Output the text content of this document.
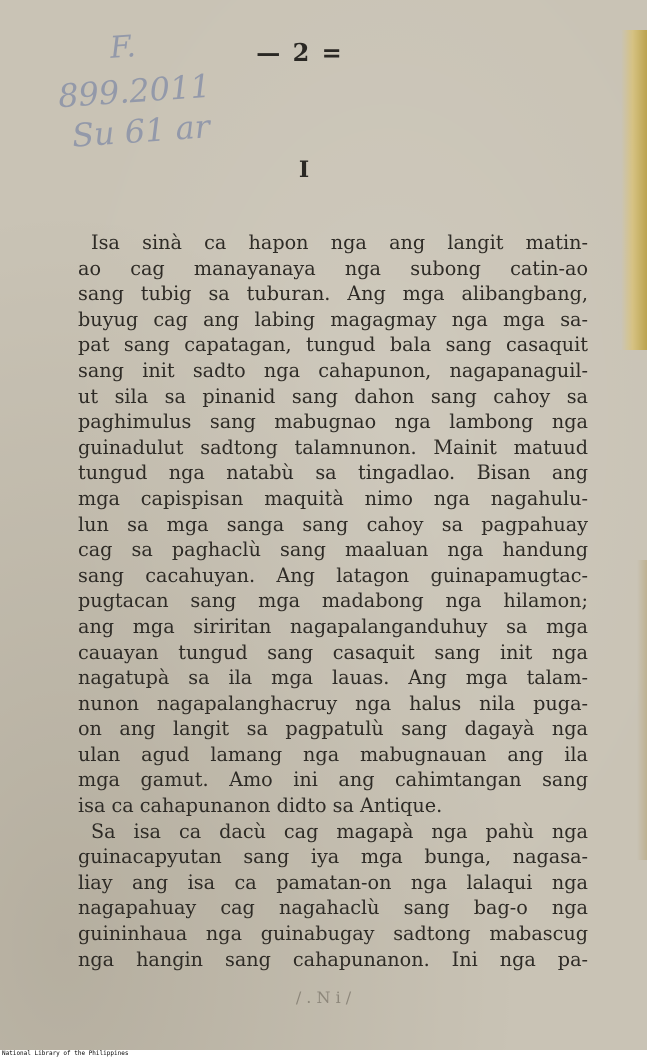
F.
899.2011
Su 61 ar
— 2 =
I
Isa sinà ca hapon nga ang langit matin-
ao cag manayanaya nga subong catin-ao
sang tubig sa tuburan. Ang mga alibangbang,
buyug cag ang labing magagmay nga mga sa-
pat sang capatagan, tungud bala sang casaquit
sang init sadto nga cahapunon, nagapanaguil-
ut sila sa pinanid sang dahon sang cahoy sa
paghimulus sang mabugnao nga lambong nga
guinadulut sadtong talamnunon. Mainit matuud
tungud nga natabù sa tingadlao. Bisan ang
mga capispisan maquità nimo nga nagahulu-
lun sa mga sanga sang cahoy sa pagpahuay
cag sa paghaclù sang maaluan nga handung
sang cacahuyan. Ang latagon guinapamugtac-
pugtacan sang mga madabong nga hilamon;
ang mga siriritan nagapalanganduhuy sa mga
cauayan tungud sang casaquit sang init nga
nagatupà sa ila mga lauas. Ang mga talam-
nunon nagapalanghacruy nga halus nila puga-
on ang langit sa pagpatulù sang dagayà nga
ulan agud lamang nga mabugnauan ang ila
mga gamut. Amo ini ang cahimtangan sang
isa ca cahapunanon didto sa Antique.
Sa isa ca dacù cag magapà nga pahù nga
guinacapyutan sang iya mga bunga, nagasa-
liay ang isa ca pamatan-on nga lalaqui nga
nagapahuay cag nagahaclù sang bag-o nga
guininhaua nga guinabugay sadtong mabascug
nga hangin sang cahapunanon. Ini nga pa-
/ . N i /
National Library of the Philippines
